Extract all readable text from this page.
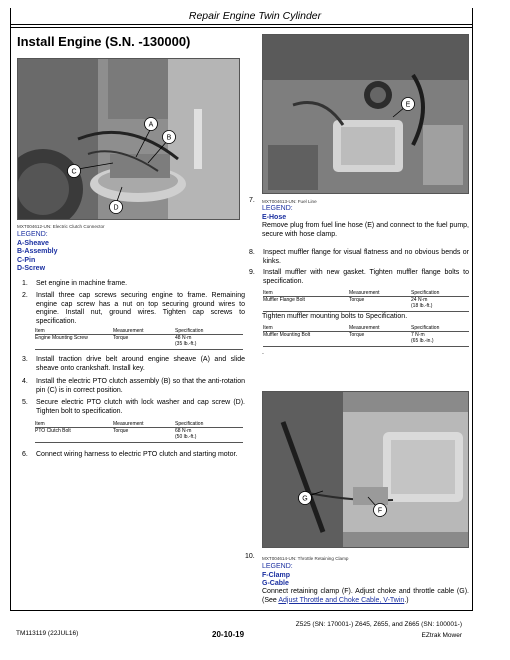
Repair Engine Twin Cylinder
Install Engine (S.N. -130000)
A
B
C
D
MXT004612-UN: Electric Clutch Connector
LEGEND:
A-Sheave
B-Assembly
C-Pin
D-Screw
1. Set engine in machine frame.
2. Install three cap screws securing engine to frame. Remaining engine cap screw has a nut on top securing ground wires to engine. Install nut, ground wires. Tighten cap screws to specification.
Item	Measurement	Specification
Engine Mounting Screw	Torque	48 N·m
(35 lb.-ft.)
3. Install traction drive belt around engine sheave (A) and slide sheave onto crankshaft. Install key.
4. Install the electric PTO clutch assembly (B) so that the anti-rotation pin (C) is in correct position.
5. Secure electric PTO clutch with lock washer and cap screw (D). Tighten bolt to specification.
Item	Measurement	Specification
PTO Clutch Bolt	Torque	68 N·m
(50 lb.-ft.)
6. Connect wiring harness to electric PTO clutch and starting motor.
E
MXT004613-UN: Fuel Line
7.
LEGEND:
E-Hose
Remove plug from fuel line hose (E) and connect to the fuel pump, secure with hose clamp.
8. Inspect muffler flange for visual flatness and no obvious bends or kinks.
9. Install muffler with new gasket. Tighten muffler flange bolts to specification.
Item	Measurement	Specification
Muffler Flange Bolt	Torque	24 N·m
(18 lb.-ft.)
Tighten muffler mounting bolts to Specification.
Item	Measurement	Specification
Muffler Mounting Bolt	Torque	7 N·m
(65 lb.-in.)
.
G
F
10. MXT004614-UN: Throttle Retaining Clamp
LEGEND:
F-Clamp
G-Cable
Connect retaining clamp (F). Adjust choke and throttle cable (G). (See Adjust Throttle and Choke Cable, V-Twin.)
TM113119 (22JUL16)	20-10-19
Z525 (SN: 170001-) Z645, Z655, and Z665 (SN: 100001-)
EZtrak Mower
